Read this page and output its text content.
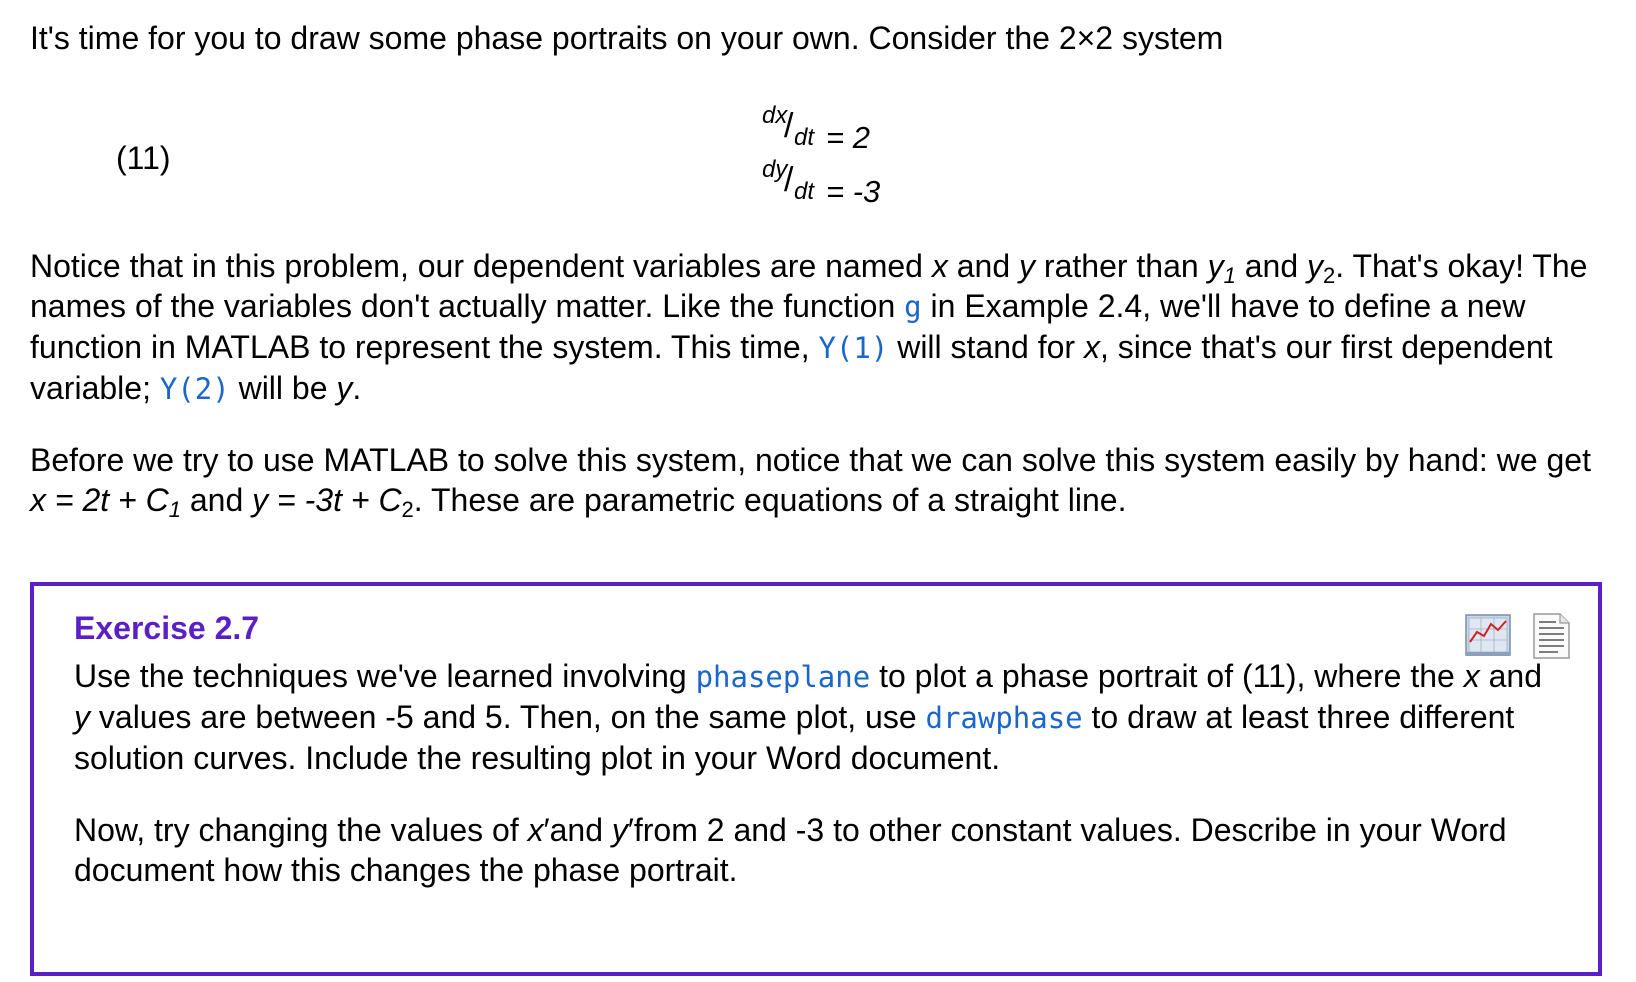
It's time for you to draw some phase portraits on your own. Consider the 2×2 system

(11)
dx
/ dt = 2
dy
/ dt = -3

Notice that in this problem, our dependent variables are named x and y rather than $y_1$ and $y_2$. That's okay! The names of the variables don't actually matter. Like the function g in Example 2.4, we'll have to define a new function in MATLAB to represent the system. This time, Y(1) will stand for x, since that's our first dependent variable; Y(2) will be y.

Before we try to use MATLAB to solve this system, notice that we can solve this system easily by hand: we get $x = 2t + C_1$ and $y = -3t + C_2$. These are parametric equations of a straight line.

Exercise 2.7

Use the techniques we've learned involving phaseplane to plot a phase portrait of (11), where the x and y values are between -5 and 5. Then, on the same plot, use drawphase to draw at least three different solution curves. Include the resulting plot in your Word document.

Now, try changing the values of x′and y′from 2 and -3 to other constant values. Describe in your Word document how this changes the phase portrait.
